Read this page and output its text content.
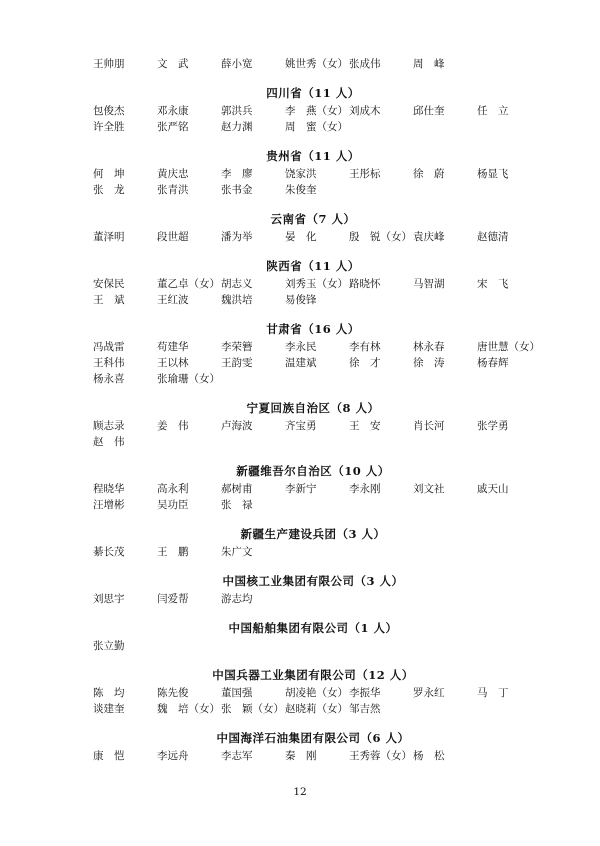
王帅朋	文　武	薛小宽	姚世秀（女） 张成伟	周　峰
四川省（11 人）
包俊杰	邓永康	郭洪兵	李　燕（女） 刘成木	邱仕奎	任　立
许全胜	张严铭	赵力渊	周　蜜（女）
贵州省（11 人）
何　坤	黄庆忠	李　廖	饶家洪	王彤标	徐　蔚	杨显飞
张　龙	张青洪	张书金	朱俊奎
云南省（7 人）
董泽明	段世超	潘为举	晏　化	殷　锐（女） 袁庆峰	赵德清
陕西省（11 人）
安保民	董乙卓（女） 胡志义	刘秀玉（女） 路晓怀	马智湖	宋　飞
王　斌	王红波	魏洪培	易俊锋
甘肃省（16 人）
冯战雷	苟建华	李荣簪	李永民	李有林	林永春	唐世慧（女）
王科伟	王以林	王韵雯	温建斌	徐　才	徐　涛	杨春辉
杨永喜	张瑜珊（女）
宁夏回族自治区（8 人）
顾志录	姜　伟	卢海波	齐宝勇	王　安	肖长河	张学勇
赵　伟
新疆维吾尔自治区（10 人）
程晓华	高永利	郝树甫	李新宁	李永刚	刘文社	戚天山
汪增彬	吴功臣	张　禄
新疆生产建设兵团（3 人）
綦长茂	王　鹏	朱广文
中国核工业集团有限公司（3 人）
刘思宇	闫爱帮	游志均
中国船舶集团有限公司（1 人）
张立勤
中国兵器工业集团有限公司（12 人）
陈　均	陈先俊	董国强	胡凌艳（女） 李振华	罗永红	马　丁
谈建奎	魏　培（女） 张　颖（女） 赵晓莉（女） 邹吉然
中国海洋石油集团有限公司（6 人）
康　恺	李远舟	李志军	秦　刚	王秀蓉（女） 杨　松
12
